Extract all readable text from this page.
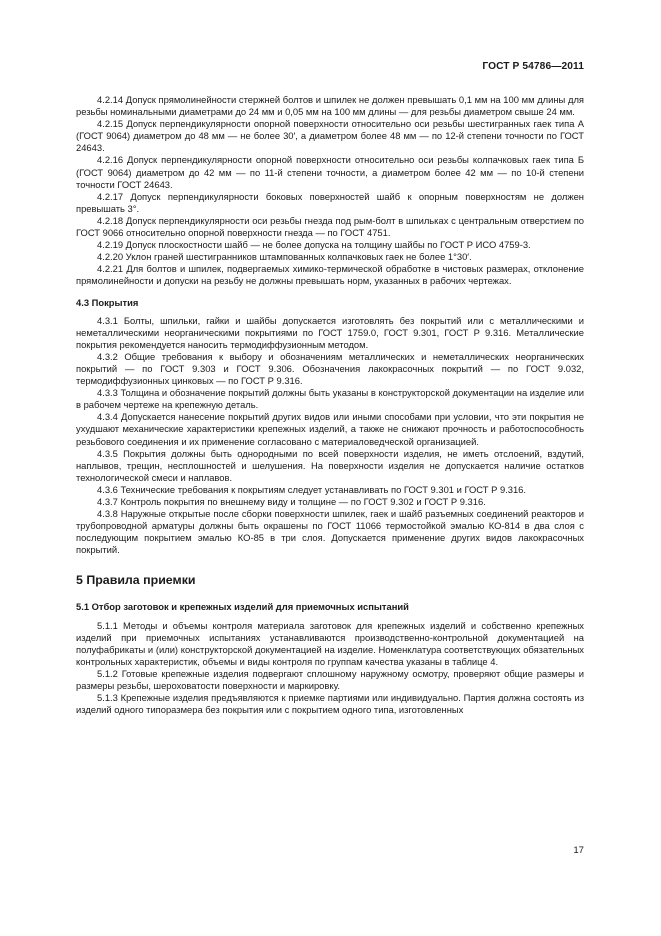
ГОСТ Р 54786—2011

4.2.14 Допуск прямолинейности стержней болтов и шпилек не должен превышать 0,1 мм на 100 мм длины для резьбы номинальными диаметрами до 24 мм и 0,05 мм на 100 мм длины — для резьбы диаметром свыше 24 мм.

4.2.15 Допуск перпендикулярности опорной поверхности относительно оси резьбы шестигранных гаек типа А (ГОСТ 9064) диаметром до 48 мм — не более 30′, а диаметром более 48 мм — по 12-й степени точности по ГОСТ 24643.

4.2.16 Допуск перпендикулярности опорной поверхности относительно оси резьбы колпачковых гаек типа Б (ГОСТ 9064) диаметром до 42 мм — по 11-й степени точности, а диаметром более 42 мм — по 10-й степени точности ГОСТ 24643.

4.2.17 Допуск перпендикулярности боковых поверхностей шайб к опорным поверхностям не должен превышать 3°.

4.2.18 Допуск перпендикулярности оси резьбы гнезда под рым-болт в шпильках с центральным отверстием по ГОСТ 9066 относительно опорной поверхности гнезда — по ГОСТ 4751.

4.2.19 Допуск плоскостности шайб — не более допуска на толщину шайбы по ГОСТ Р ИСО 4759-3.

4.2.20 Уклон граней шестигранников штампованных колпачковых гаек не более 1°30′.

4.2.21 Для болтов и шпилек, подвергаемых химико-термической обработке в чистовых размерах, отклонение прямолинейности и допуски на резьбу не должны превышать норм, указанных в рабочих чертежах.

4.3 Покрытия

4.3.1 Болты, шпильки, гайки и шайбы допускается изготовлять без покрытий или с металлическими и неметаллическими неорганическими покрытиями по ГОСТ 1759.0, ГОСТ 9.301, ГОСТ Р 9.316. Металлические покрытия рекомендуется наносить термодиффузионным методом.

4.3.2 Общие требования к выбору и обозначениям металлических и неметаллических неорганических покрытий — по ГОСТ 9.303 и ГОСТ 9.306. Обозначения лакокрасочных покрытий — по ГОСТ 9.032, термодиффузионных цинковых — по ГОСТ Р 9.316.

4.3.3 Толщина и обозначение покрытий должны быть указаны в конструкторской документации на изделие или в рабочем чертеже на крепежную деталь.

4.3.4 Допускается нанесение покрытий других видов или иными способами при условии, что эти покрытия не ухудшают механические характеристики крепежных изделий, а также не снижают прочность и работоспособность резьбового соединения и их применение согласовано с материаловедческой организацией.

4.3.5 Покрытия должны быть однородными по всей поверхности изделия, не иметь отслоений, вздутий, наплывов, трещин, несплошностей и шелушения. На поверхности изделия не допускается наличие остатков технологической смеси и наплавов.

4.3.6 Технические требования к покрытиям следует устанавливать по ГОСТ 9.301 и ГОСТ Р 9.316.

4.3.7 Контроль покрытия по внешнему виду и толщине — по ГОСТ 9.302 и ГОСТ Р 9.316.

4.3.8 Наружные открытые после сборки поверхности шпилек, гаек и шайб разъемных соединений реакторов и трубопроводной арматуры должны быть окрашены по ГОСТ 11066 термостойкой эмалью КО-814 в два слоя с последующим покрытием эмалью КО-85 в три слоя. Допускается применение других видов лакокрасочных покрытий.

5 Правила приемки

5.1 Отбор заготовок и крепежных изделий для приемочных испытаний

5.1.1 Методы и объемы контроля материала заготовок для крепежных изделий и собственно крепежных изделий при приемочных испытаниях устанавливаются производственно-контрольной документацией на полуфабрикаты и (или) конструкторской документацией на изделие. Номенклатура соответствующих обязательных контрольных характеристик, объемы и виды контроля по группам качества указаны в таблице 4.

5.1.2 Готовые крепежные изделия подвергают сплошному наружному осмотру, проверяют общие размеры и размеры резьбы, шероховатости поверхности и маркировку.

5.1.3 Крепежные изделия предъявляются к приемке партиями или индивидуально. Партия должна состоять из изделий одного типоразмера без покрытия или с покрытием одного типа, изготовленных

17
